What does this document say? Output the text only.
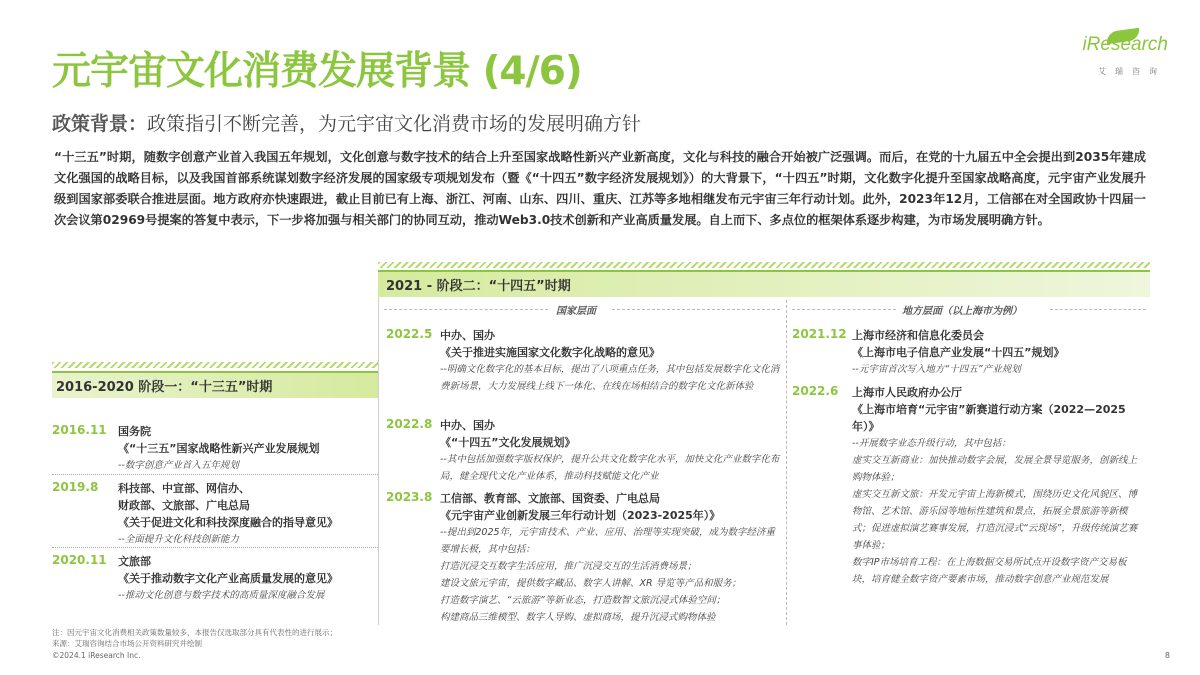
元宇宙文化消费发展背景 (4/6)
iResearch
艾瑞咨询
政策背景：政策指引不断完善，为元宇宙文化消费市场的发展明确方针
“十三五”时期，随数字创意产业首入我国五年规划，文化创意与数字技术的结合上升至国家战略性新兴产业新高度，文化与科技的融合开始被广泛强调。而后，在党的十九届五中全会提出到2035年建成文化强国的战略目标，以及我国首部系统谋划数字经济发展的国家级专项规划发布（暨《“十四五”数字经济发展规划》）的大背景下，“十四五”时期，文化数字化提升至国家战略高度，元宇宙产业发展升级到国家部委联合推进层面。地方政府亦快速跟进，截止目前已有上海、浙江、河南、山东、四川、重庆、江苏等多地相继发布元宇宙三年行动计划。此外，2023年12月，工信部在对全国政协十四届一次会议第02969号提案的答复中表示，下一步将加强与相关部门的协同互动，推动Web3.0技术创新和产业高质量发展。自上而下、多点位的框架体系逐步构建，为市场发展明确方针。
2016-2020 阶段一：“十三五”时期
2016.11 国务院
《“十三五”国家战略性新兴产业发展规划
--数字创意产业首入五年规划
2019.8 科技部、中宣部、网信办、
财政部、文旅部、广电总局
《关于促进文化和科技深度融合的指导意见》
--全面提升文化科技创新能力
2020.11 文旅部
《关于推动数字文化产业高质量发展的意见》
--推动文化创意与数字技术的高质量深度融合发展
2021 - 阶段二：“十四五”时期
国家层面	地方层面（以上海市为例）
2022.5 中办、国办
《关于推进实施国家文化数字化战略的意见》
--明确文化数字化的基本目标，提出了八项重点任务，其中包括发展数字化文化消费新场景，大力发展线上线下一体化、在线在场相结合的数字化文化新体验
2022.8 中办、国办
《“十四五”文化发展规划》
--其中包括加强数字版权保护，提升公共文化数字化水平，加快文化产业数字化布局，健全现代文化产业体系，推动科技赋能文化产业
2023.8 工信部、教育部、文旅部、国资委、广电总局
《元宇宙产业创新发展三年行动计划（2023-2025年）》
--提出到2025年，元宇宙技术、产业、应用、治理等实现突破，成为数字经济重要增长极，其中包括：
打造沉浸交互数字生活应用，推广沉浸交互的生活消费场景；
建设文旅元宇宙，提供数字藏品、数字人讲解、XR 导览等产品和服务；
打造数字演艺、“云旅游”等新业态，打造数智文旅沉浸式体验空间；
构建商品三维模型、数字人导购、虚拟商场，提升沉浸式购物体验
2021.12 上海市经济和信息化委员会
《上海市电子信息产业发展“十四五”规划》
--元宇宙首次写入地方“十四五”产业规划
2022.6 上海市人民政府办公厅
《上海市培育“元宇宙”新赛道行动方案（2022—2025年）》
--开展数字业态升级行动，其中包括：
虚实交互新商业：加快推动数字会展，发展全景导览服务，创新线上购物体验；
虚实交互新文旅：开发元宇宙上海新模式，围绕历史文化风貌区、博物馆、艺术馆、游乐园等地标性建筑和景点，拓展全景旅游等新模式；促进虚拟演艺赛事发展，打造沉浸式“云现场”，升级传统演艺赛事体验；
数字IP市场培育工程：在上海数据交易所试点开设数字资产交易板块，培育健全数字资产要素市场，推动数字创意产业规范发展
注：因元宇宙文化消费相关政策数量较多，本报告仅选取部分具有代表性的进行展示；
来源：艾瑞咨询结合市场公开资料研究并绘制
©2024.1 iResearch Inc.	8
